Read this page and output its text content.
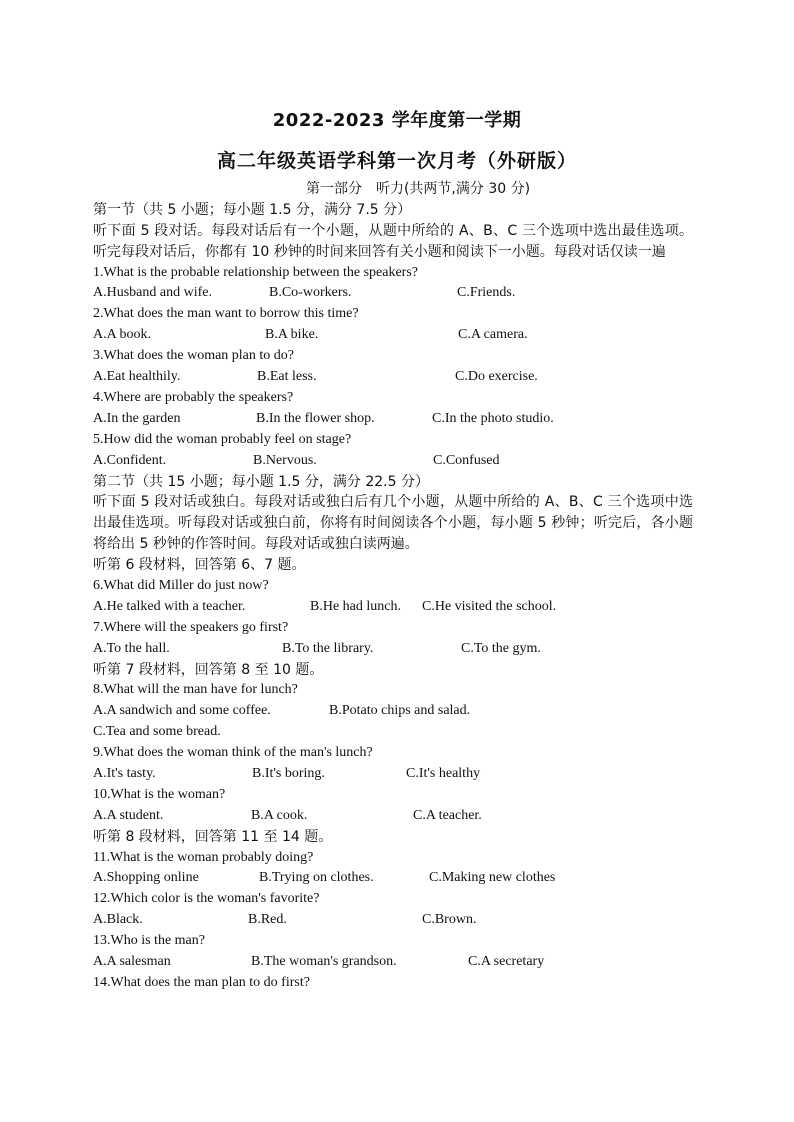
2022-2023 学年度第一学期
高二年级英语学科第一次月考（外研版）
第一部分　听力(共两节,满分 30 分)
第一节（共 5 小题；每小题 1.5 分，满分 7.5 分）
听下面 5 段对话。每段对话后有一个小题，从题中所给的 A、B、C 三个选项中选出最佳选项。听完每段对话后，你都有 10 秒钟的时间来回答有关小题和阅读下一小题。每段对话仅读一遍
1.What is the probable relationship between the speakers?
A.Husband and wife.	B.Co-workers.	C.Friends.
2.What does the man want to borrow this time?
A.A book.	B.A bike.	C.A camera.
3.What does the woman plan to do?
A.Eat healthily.	B.Eat less.	C.Do exercise.
4.Where are probably the speakers?
A.In the garden	B.In the flower shop.	C.In the photo studio.
5.How did the woman probably feel on stage?
A.Confident.	B.Nervous.	C.Confused
第二节（共 15 小题；每小题 1.5 分，满分 22.5 分）
听下面 5 段对话或独白。每段对话或独白后有几个小题，从题中所给的 A、B、C 三个选项中选出最佳选项。听每段对话或独白前，你将有时间阅读各个小题，每小题 5 秒钟；听完后，各小题将给出 5 秒钟的作答时间。每段对话或独白读两遍。
听第 6 段材料，回答第 6、7 题。
6.What did Miller do just now?
A.He talked with a teacher.	B.He had lunch. C.He visited the school.
7.Where will the speakers go first?
A.To the hall.	B.To the library.	C.To the gym.
听第 7 段材料，回答第 8 至 10 题。
8.What will the man have for lunch?
A.A sandwich and some coffee.	B.Potato chips and salad.
C.Tea and some bread.
9.What does the woman think of the man's lunch?
A.It's tasty.	B.It's boring.	C.It's healthy
10.What is the woman?
A.A student.	B.A cook.	C.A teacher.
听第 8 段材料，回答第 11 至 14 题。
11.What is the woman probably doing?
A.Shopping online	B.Trying on clothes.	C.Making new clothes
12.Which color is the woman's favorite?
A.Black.	B.Red.	C.Brown.
13.Who is the man?
A.A salesman	B.The woman's grandson.	C.A secretary
14.What does the man plan to do first?
